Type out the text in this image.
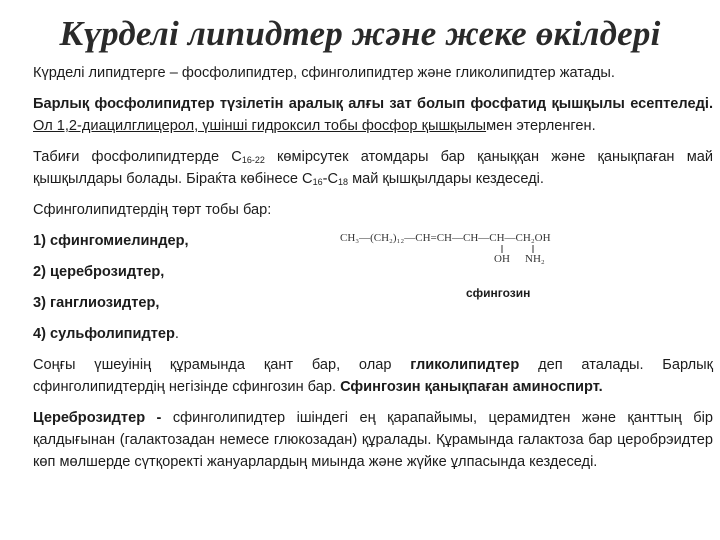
Күрделі липидтер және жеке өкілдері

Күрделі липидтерге – фосфолипидтер, сфинголипидтер және гликолипидтер жатады.

Барлық фосфолипидтер түзілетін аралық алғы зат болып фосфатид қышқылы есептеледі. Ол 1,2-диацилглицерол, үшінші гидроксил тобы фосфор қышқылымен этерленген.

Табиғи фосфолипидтерде $С_{16-22}$ көмірсутек атомдары бар қаныққан және қанықпаған май қышқылдары болады. Біраќта көбінесе $С_{16}-С_{18}$ май қышқылдары кездеседі.

Сфинголипидтердің төрт тобы бар:

1) сфингомиелиндер,
2) цереброзидтер,
3) ганглиозидтер,
4) сульфолипидтер.

Соңғы үшеуінің құрамында қант бар, олар гликолипидтер деп аталады. Барлық сфинголипидтердің негізінде сфингозин бар. Сфингозин қанықпаған аминоспирт.

Цереброзидтер - сфинголипидтер ішіндегі ең қарапайымы, церамидтен және қанттың бір қалдығынан (галактозадан немесе глюкозадан) құралады. Құрамында галактоза бар церобрэидтер көп мөлшерде сүтқоректі жануарлардың миында және жүйке ұлпасында кездеседі.

CH₃—(CH₂)₁₂—CH=CH—CH—CH—CH₂OH
OH NH₂
сфингозин
